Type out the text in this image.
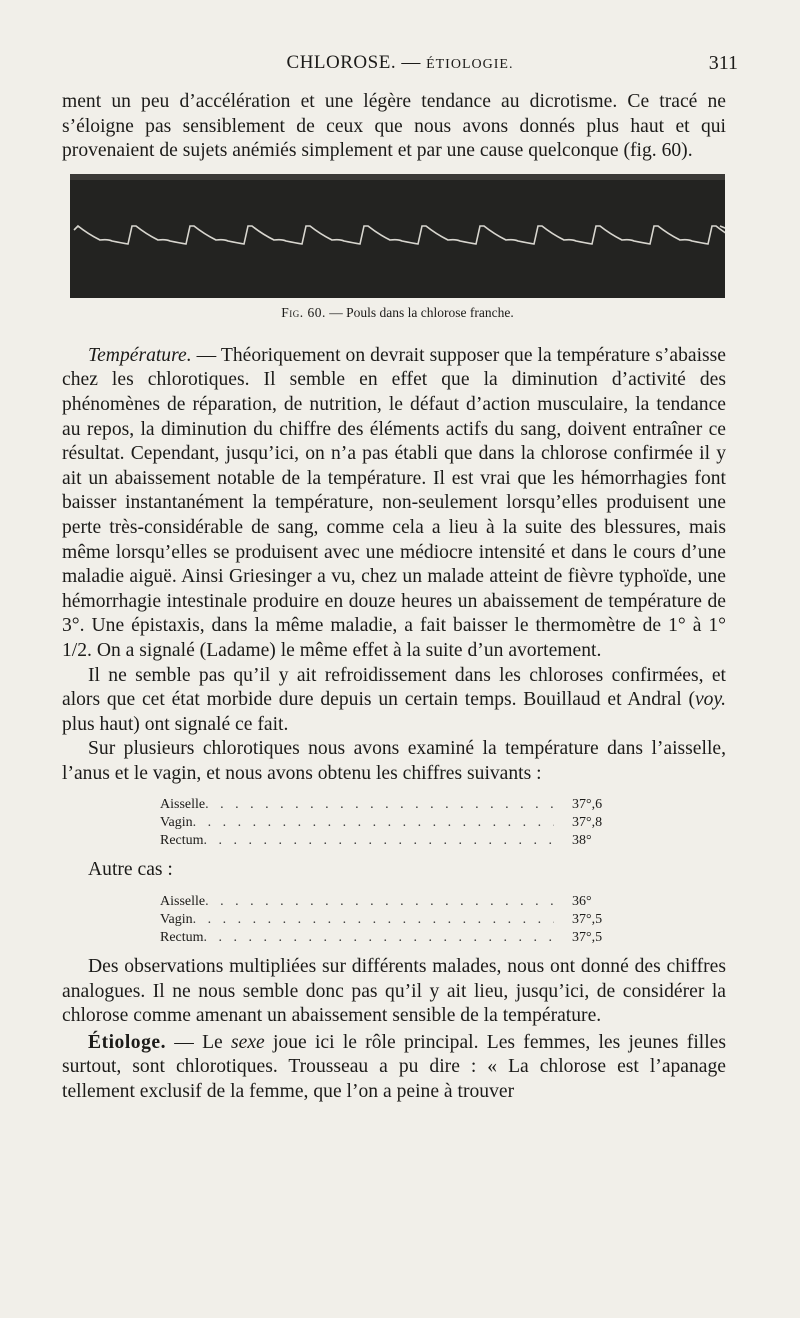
CHLOROSE. — ÉTIOLOGIE.	311

ment un peu d’accélération et une légère tendance au dicrotisme. Ce tracé ne s’éloigne pas sensiblement de ceux que nous avons donnés plus haut et qui provenaient de sujets anémiés simplement et par une cause quelconque (fig. 60).

Fig. 60. — Pouls dans la chlorose franche.

Température. — Théoriquement on devrait supposer que la température s’abaisse chez les chlorotiques. Il semble en effet que la diminution d’activité des phénomènes de réparation, de nutrition, le défaut d’action musculaire, la tendance au repos, la diminution du chiffre des éléments actifs du sang, doivent entraîner ce résultat. Cependant, jusqu’ici, on n’a pas établi que dans la chlorose confirmée il y ait un abaissement notable de la température. Il est vrai que les hémorrhagies font baisser instantanément la température, non-seulement lorsqu’elles produisent une perte très-considérable de sang, comme cela a lieu à la suite des blessures, mais même lorsqu’elles se produisent avec une médiocre intensité et dans le cours d’une maladie aiguë. Ainsi Griesinger a vu, chez un malade atteint de fièvre typhoïde, une hémorrhagie intestinale produire en douze heures un abaissement de température de 3°. Une épistaxis, dans la même maladie, a fait baisser le thermomètre de 1° à 1° 1/2. On a signalé (Ladame) le même effet à la suite d’un avortement.

Il ne semble pas qu’il y ait refroidissement dans les chloroses confirmées, et alors que cet état morbide dure depuis un certain temps. Bouillaud et Andral (voy. plus haut) ont signalé ce fait.

Sur plusieurs chlorotiques nous avons examiné la température dans l’aisselle, l’anus et le vagin, et nous avons obtenu les chiffres suivants :

Aisselle . . .	37°,6
Vagin . . .	37°,8
Rectum . . .	38°

Autre cas :

Aisselle . . .	36°
Vagin . . .	37°,5
Rectum . . .	37°,5

Des observations multipliées sur différents malades, nous ont donné des chiffres analogues. Il ne nous semble donc pas qu’il y ait lieu, jusqu’ici, de considérer la chlorose comme amenant un abaissement sensible de la température.

Étiologe. — Le sexe joue ici le rôle principal. Les femmes, les jeunes filles surtout, sont chlorotiques. Trousseau a pu dire : « La chlorose est l’apanage tellement exclusif de la femme, que l’on a peine à trouver
